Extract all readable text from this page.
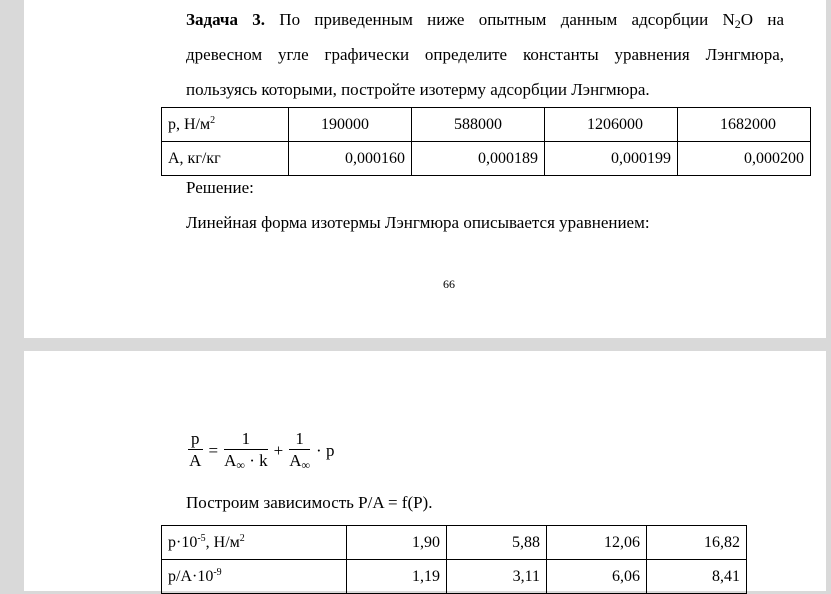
Задача 3. По приведенным ниже опытным данным адсорбции $N_2O$ на
древесном угле графически определите константы уравнения Лэнгмюра,
пользуясь которыми, постройте изотерму адсорбции Лэнгмюра.
р, $Н/м^2$	190000	588000	1206000	1682000
А, кг/кг	0,000160	0,000189	0,000199	0,000200
Решение:
Линейная форма изотермы Лэнгмюра описывается уравнением:
66
$\frac{p}{A} = \frac{1}{A_\infty \cdot k} + \frac{1}{A_\infty} \cdot p$
Построим зависимость P/A = f(P).
$р\cdot 10^{-5}$, $Н/м^2$	1,90	5,88	12,06	16,82
$р/А\cdot 10^{-9}$	1,19	3,11	6,06	8,41
